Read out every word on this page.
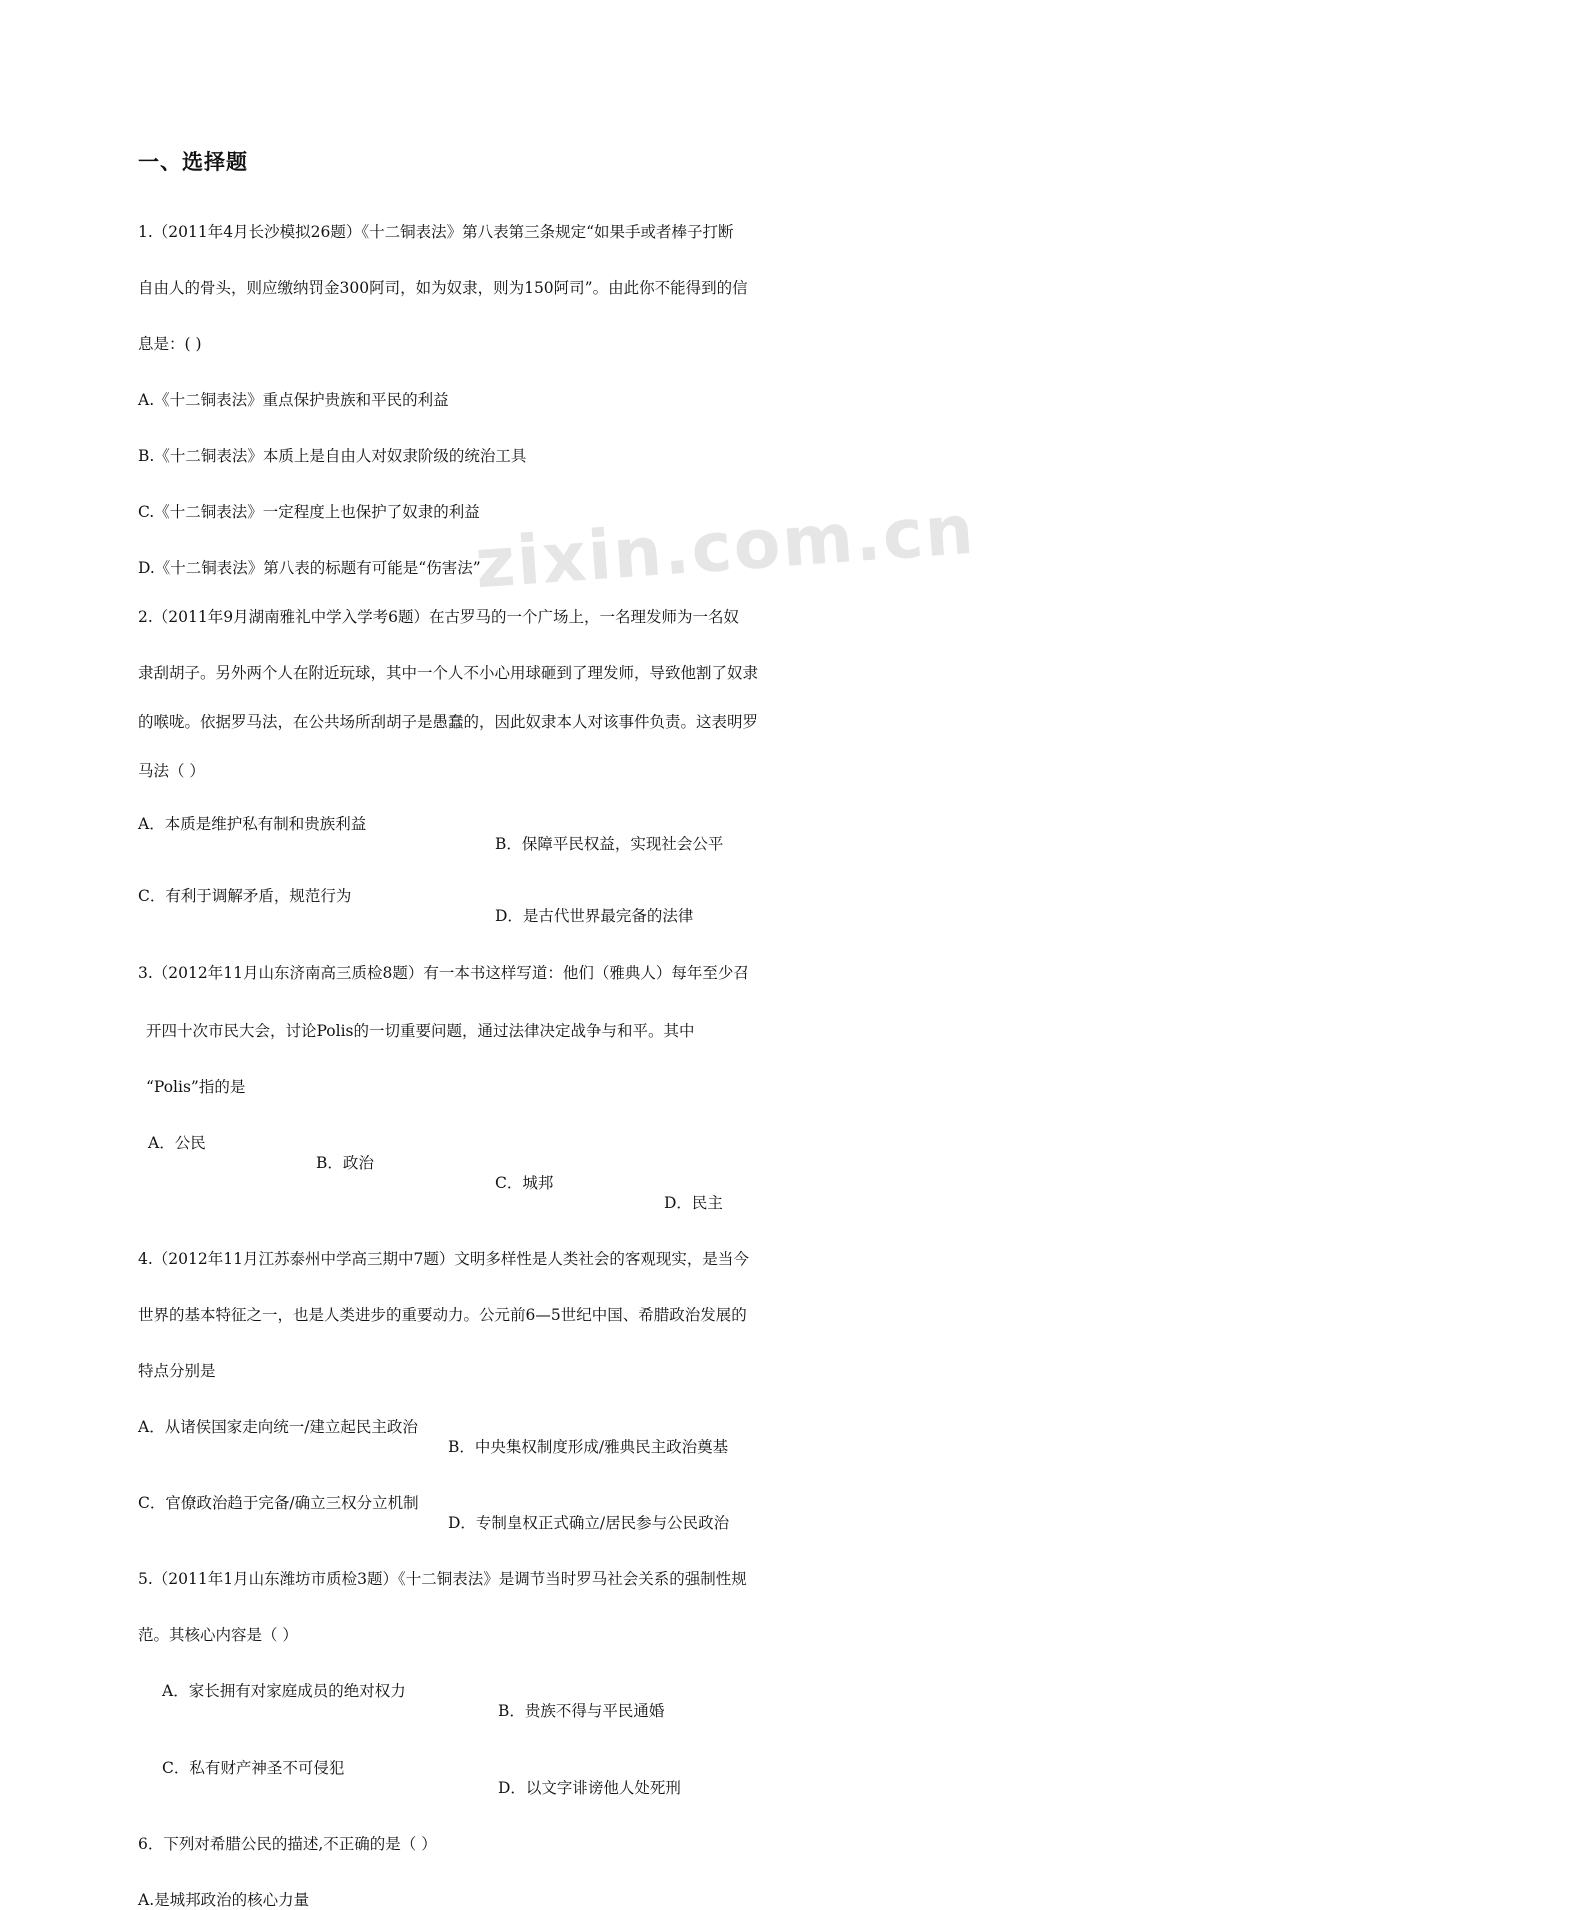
zixin.com.cn
一、选择题
1.（2011年4月长沙模拟26题）《十二铜表法》第八表第三条规定“如果手或者棒子打断
自由人的骨头，则应缴纳罚金300阿司，如为奴隶，则为150阿司”。由此你不能得到的信
息是：( )
A.《十二铜表法》重点保护贵族和平民的利益
B.《十二铜表法》本质上是自由人对奴隶阶级的统治工具
C.《十二铜表法》一定程度上也保护了奴隶的利益
D.《十二铜表法》第八表的标题有可能是“伤害法”
2.（2011年9月湖南雅礼中学入学考6题）在古罗马的一个广场上，一名理发师为一名奴
隶刮胡子。另外两个人在附近玩球，其中一个人不小心用球砸到了理发师，导致他割了奴隶
的喉咙。依据罗马法，在公共场所刮胡子是愚蠢的，因此奴隶本人对该事件负责。这表明罗
马法（ ）
A．本质是维护私有制和贵族利益
B．保障平民权益，实现社会公平
C．有利于调解矛盾，规范行为
D．是古代世界最完备的法律
3.（2012年11月山东济南高三质检8题）有一本书这样写道：他们（雅典人）每年至少召
开四十次市民大会，讨论Polis的一切重要问题，通过法律决定战争与和平。其中
“Polis”指的是
A．公民
B．政治
C．城邦
D．民主
4.（2012年11月江苏泰州中学高三期中7题）文明多样性是人类社会的客观现实，是当今
世界的基本特征之一，也是人类进步的重要动力。公元前6—5世纪中国、希腊政治发展的
特点分别是
A．从诸侯国家走向统一/建立起民主政治
B．中央集权制度形成/雅典民主政治奠基
C．官僚政治趋于完备/确立三权分立机制
D．专制皇权正式确立/居民参与公民政治
5.（2011年1月山东潍坊市质检3题）《十二铜表法》是调节当时罗马社会关系的强制性规
范。其核心内容是（ ）
A．家长拥有对家庭成员的绝对权力
B．贵族不得与平民通婚
C．私有财产神圣不可侵犯
D．以文字诽谤他人处死刑
6．下列对希腊公民的描述,不正确的是（ ）
A.是城邦政治的核心力量
